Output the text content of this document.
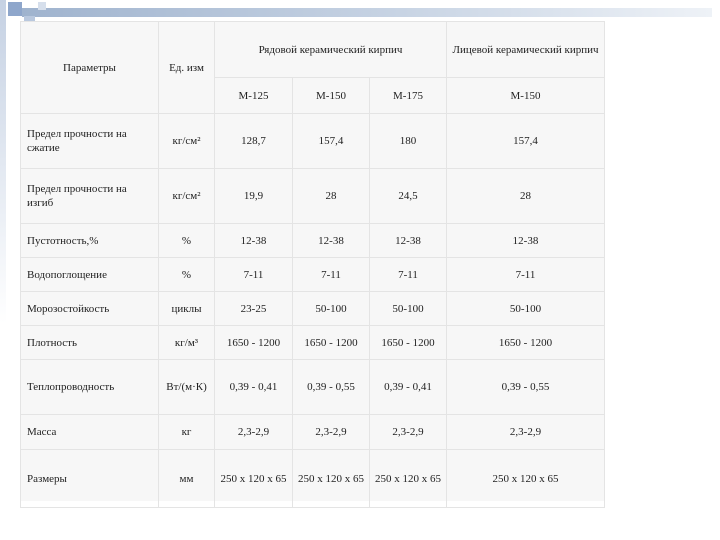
Параметры	Ед. изм	Рядовой керамический кирпич			Лицевой керамический кирпич
		М-125	М-150	М-175	М-150
Предел прочности на сжатие	кг/см²	128,7	157,4	180	157,4
Предел прочности на изгиб	кг/см²	19,9	28	24,5	28
Пустотность,%	%	12-38	12-38	12-38	12-38
Водопоглощение	%	7-11	7-11	7-11	7-11
Морозостойкость	циклы	23-25	50-100	50-100	50-100
Плотность	кг/м³	1650 - 1200	1650 - 1200	1650 - 1200	1650 - 1200
Теплопроводность	Вт/(м·К)	0,39 - 0,41	0,39 - 0,55	0,39 - 0,41	0,39 - 0,55
Масса	кг	2,3-2,9	2,3-2,9	2,3-2,9	2,3-2,9
Размеры	мм	250 х 120 х 65	250 х 120 х 65	250 х 120 х 65	250 х 120 х 65
